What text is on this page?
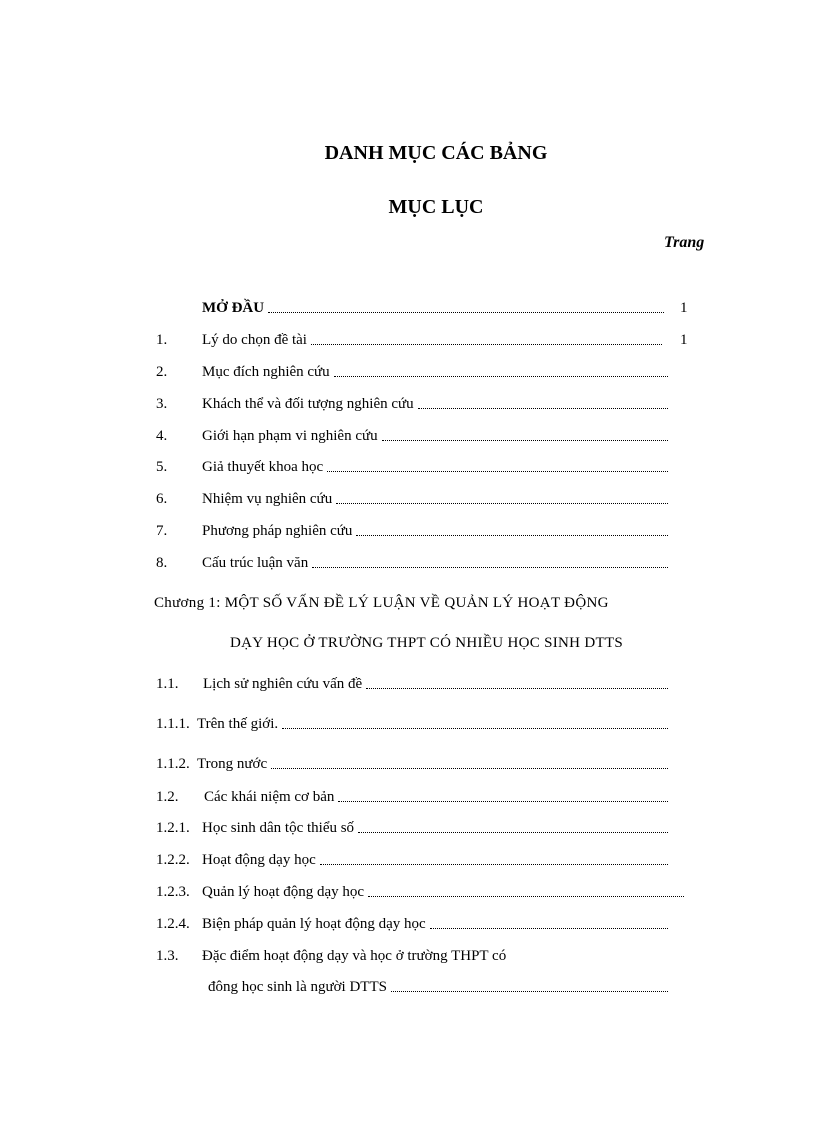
DANH MỤC CÁC BẢNG
MỤC LỤC
Trang
MỞ ĐẦU	1
1. Lý do chọn đề tài	1
2. Mục đích nghiên cứu
3. Khách thể và đối tượng nghiên cứu
4. Giới hạn phạm vi nghiên cứu
5. Giả thuyết khoa học
6. Nhiệm vụ nghiên cứu
7. Phương pháp nghiên cứu
8. Cấu trúc luận văn
Chương 1: MỘT SỐ VẤN ĐỀ LÝ LUẬN VỀ QUẢN LÝ HOẠT ĐỘNG
DẠY HỌC Ở TRƯỜNG THPT CÓ NHIỀU HỌC SINH DTTS
1.1. Lịch sử nghiên cứu vấn đề
1.1.1. Trên thế giới.
1.1.2. Trong nước
1.2. Các khái niệm cơ bản
1.2.1. Học sinh dân tộc thiểu số
1.2.2. Hoạt động dạy học
1.2.3. Quản lý hoạt động dạy học
1.2.4. Biện pháp quản lý hoạt động dạy học
1.3. Đặc điểm hoạt động dạy và học ở trường THPT có
đông học sinh là người DTTS
